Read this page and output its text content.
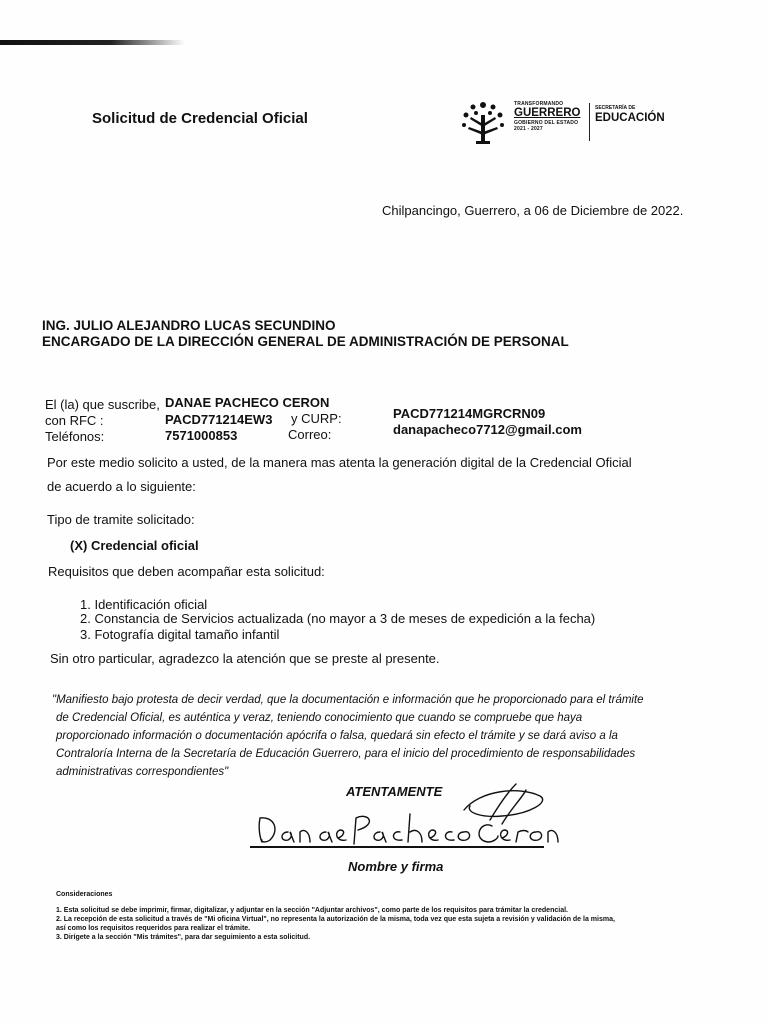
Solicitud de Credencial Oficial
TRANSFORMANDO
GUERRERO
GOBIERNO DEL ESTADO
2021 - 2027
SECRETARÍA DE
EDUCACIÓN
Chilpancingo, Guerrero, a 06 de Diciembre de 2022.
ING. JULIO ALEJANDRO LUCAS SECUNDINO
ENCARGADO DE LA DIRECCIÓN GENERAL DE ADMINISTRACIÓN DE PERSONAL
El (la) que suscribe, DANAE PACHECO CERON
con RFC :	PACD771214EW3 y CURP:	PACD771214MGRCRN09
Teléfonos:	7571000853	Correo:	danapacheco7712@gmail.com
Por este medio solicito a usted, de la manera mas atenta la generación digital de la Credencial Oficial
de acuerdo a lo siguiente:
Tipo de tramite solicitado:
(X) Credencial oficial
Requisitos que deben acompañar esta solicitud:
1. Identificación oficial
2. Constancia de Servicios actualizada (no mayor a 3 de meses de expedición a la fecha)
3. Fotografía digital tamaño infantil
Sin otro particular, agradezco la atención que se preste al presente.
"Manifiesto bajo protesta de decir verdad, que la documentación e información que he proporcionado para el trámite
de Credencial Oficial, es auténtica y veraz, teniendo conocimiento que cuando se compruebe que haya
proporcionado información o documentación apócrifa o falsa, quedará sin efecto el trámite y se dará aviso a la
Contraloría Interna de la Secretaría de Educación Guerrero, para el inicio del procedimiento de responsabilidades
administrativas correspondientes"
ATENTAMENTE
Nombre y firma
Consideraciones
1. Esta solicitud se debe imprimir, firmar, digitalizar, y adjuntar en la sección "Adjuntar archivos", como parte de los requisitos para trámitar la credencial.
2. La recepción de esta solicitud a través de "Mi oficina Virtual", no representa la autorización de la misma, toda vez que esta sujeta a revisión y validación de la misma,
así como los requisitos requeridos para realizar el trámite.
3. Dirígete a la sección "Mis trámites", para dar seguimiento a esta solicitud.
